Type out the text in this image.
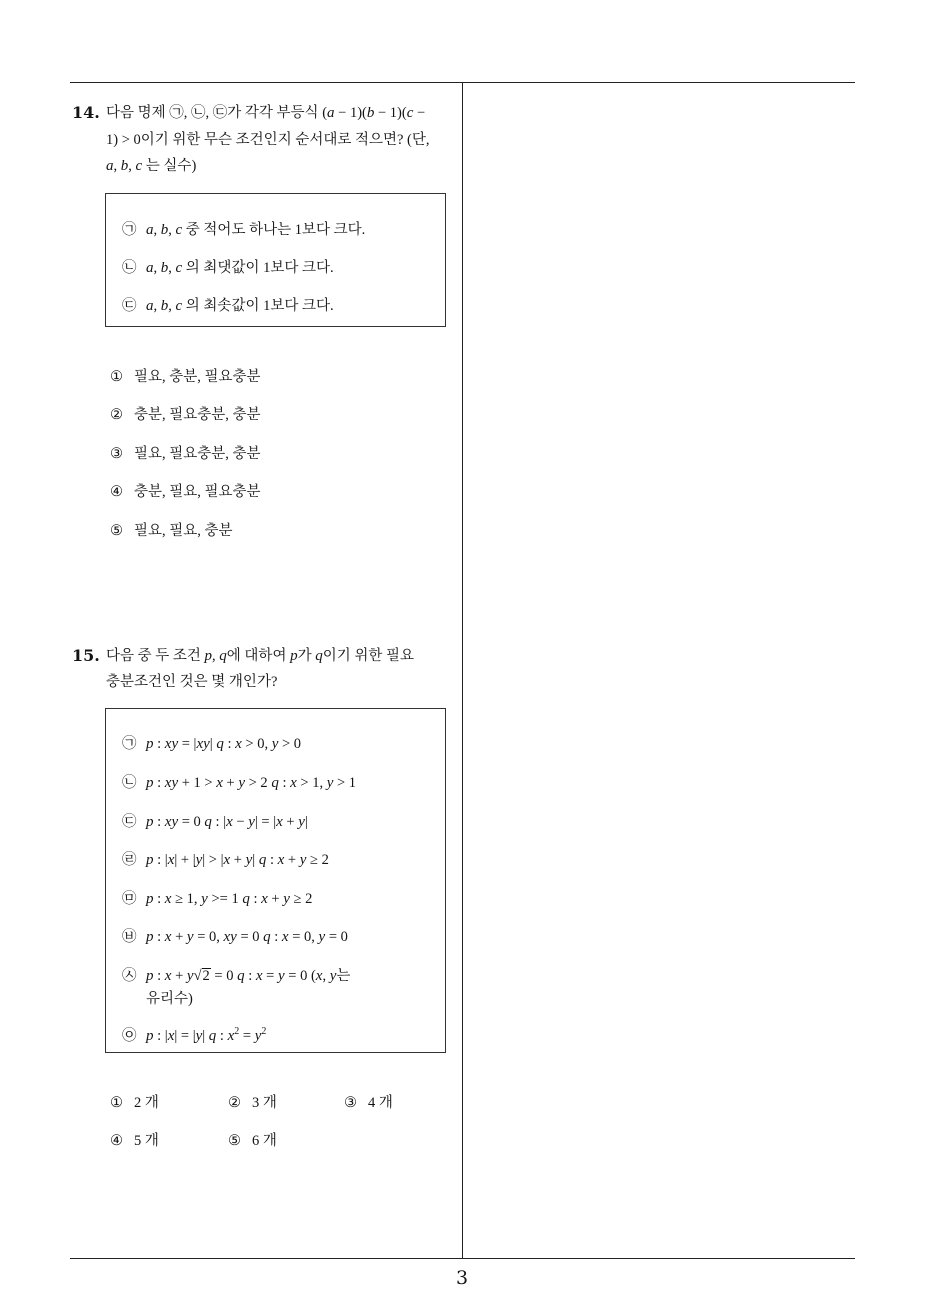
14. 다음 명제 ㉠, ㉡, ㉢가 각각 부등식 (a − 1)(b − 1)(c −
1) > 0이기 위한 무슨 조건인지 순서대로 적으면? (단,
a, b, c 는 실수)
㉠ a, b, c 중 적어도 하나는 1보다 크다.
㉡ a, b, c 의 최댓값이 1보다 크다.
㉢ a, b, c 의 최솟값이 1보다 크다.
① 필요, 충분, 필요충분
② 충분, 필요충분, 충분
③ 필요, 필요충분, 충분
④ 충분, 필요, 필요충분
⑤ 필요, 필요, 충분
15. 다음 중 두 조건 p, q에 대하여 p가 q이기 위한 필요
충분조건인 것은 몇 개인가?
㉠ p : xy = |xy| q : x > 0, y > 0
㉡ p : xy + 1 > x + y > 2 q : x > 1, y > 1
㉢ p : xy = 0 q : |x − y| = |x + y|
㉣ p : |x| + |y| > |x + y| q : x + y ≥ 2
㉤ p : x ≥ 1, y >= 1 q : x + y ≥ 2
㉥ p : x + y = 0, xy = 0 q : x = 0, y = 0
㉦ p : x + y√2 = 0 q : x = y = 0 (x, y는
유리수)
㉧ p : |x| = |y| q : $x^2 = y^2$
① 2 개	② 3 개	③ 4 개
④ 5 개	⑤ 6 개
3
